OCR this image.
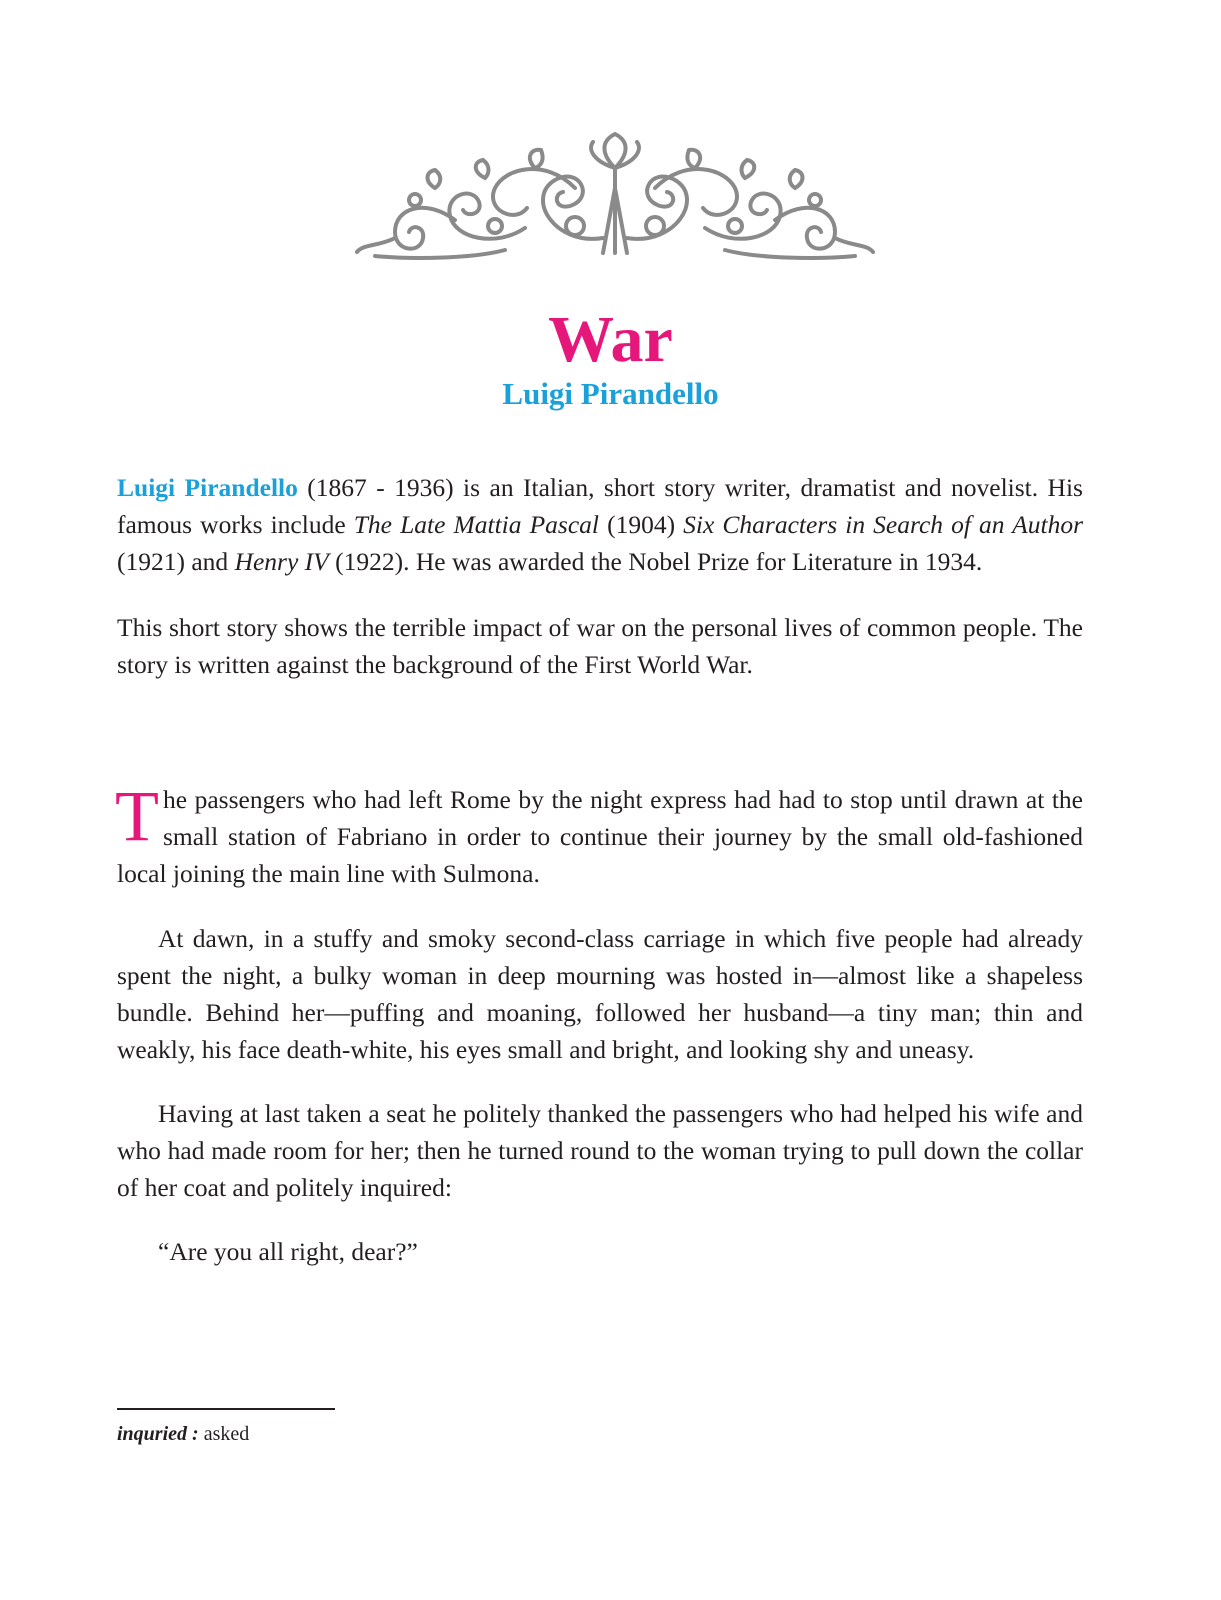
War
Luigi Pirandello

Luigi Pirandello (1867 - 1936) is an Italian, short story writer, dramatist and novelist. His famous works include The Late Mattia Pascal (1904) Six Characters in Search of an Author (1921) and Henry IV (1922). He was awarded the Nobel Prize for Literature in 1934.

This short story shows the terrible impact of war on the personal lives of common people. The story is written against the background of the First World War.

The passengers who had left Rome by the night express had had to stop until drawn at the small station of Fabriano in order to continue their journey by the small old-fashioned local joining the main line with Sulmona.

At dawn, in a stuffy and smoky second-class carriage in which five people had already spent the night, a bulky woman in deep mourning was hosted in—almost like a shapeless bundle. Behind her—puffing and moaning, followed her husband—a tiny man; thin and weakly, his face death-white, his eyes small and bright, and looking shy and uneasy.

Having at last taken a seat he politely thanked the passengers who had helped his wife and who had made room for her; then he turned round to the woman trying to pull down the collar of her coat and politely inquired:

“Are you all right, dear?”

inquried : asked
